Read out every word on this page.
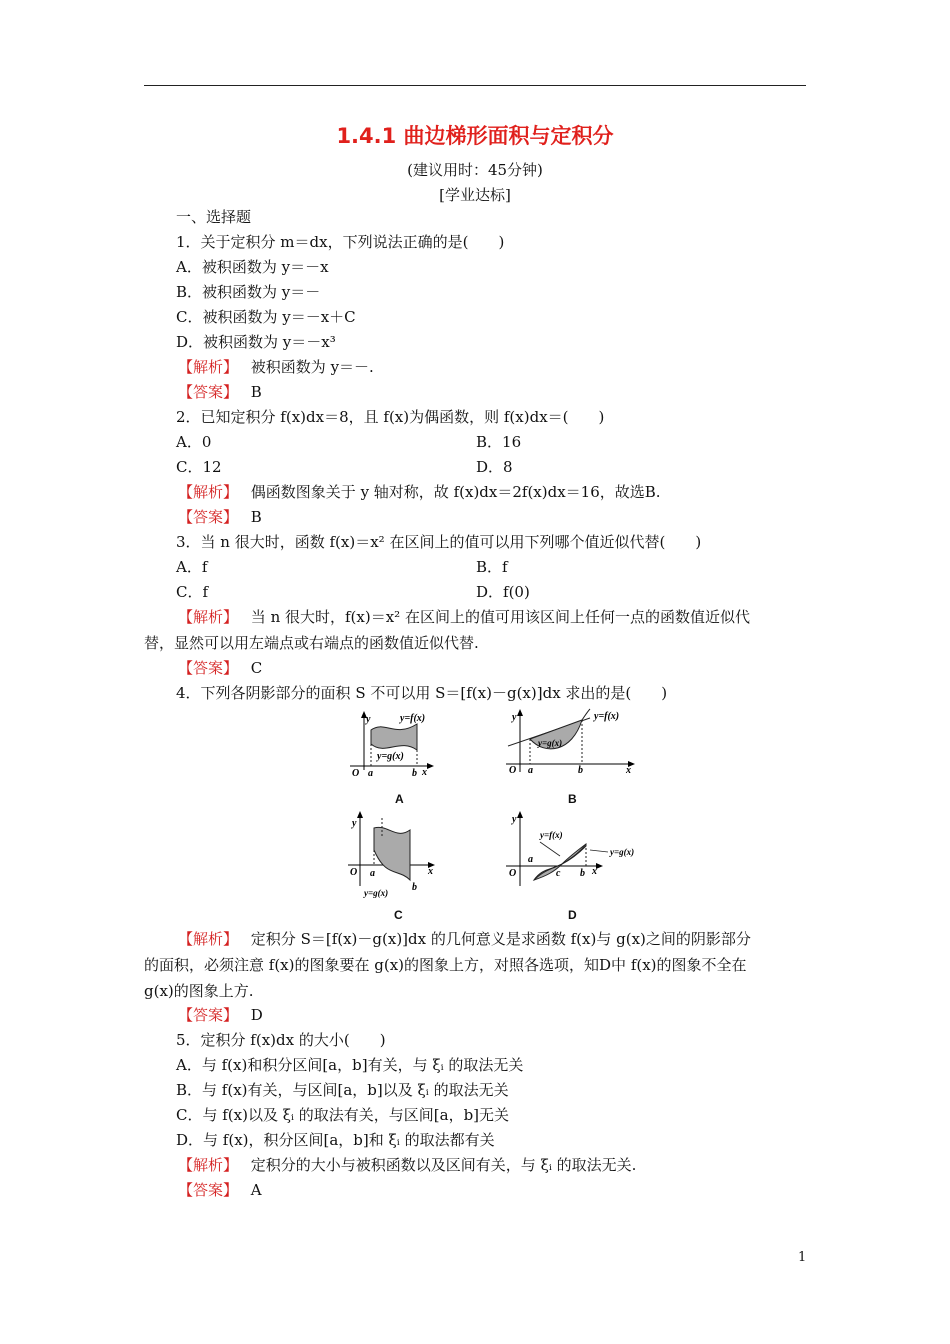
1.4.1 曲边梯形面积与定积分
(建议用时：45分钟)
[学业达标]
一、选择题
1．关于定积分 m＝dx，下列说法正确的是(　　)
A．被积函数为 y＝－x
B．被积函数为 y＝－
C．被积函数为 y＝－x＋C
D．被积函数为 y＝－x³
【解析】 被积函数为 y＝－.
【答案】 B
2．已知定积分 f(x)dx＝8，且 f(x)为偶函数，则 f(x)dx＝(　　)
A．0	B．16
C．12	D．8
【解析】 偶函数图象关于 y 轴对称，故 f(x)dx＝2f(x)dx＝16，故选B.
【答案】 B
3．当 n 很大时，函数 f(x)＝x² 在区间上的值可以用下列哪个值近似代替(　　)
A．f	B．f
C．f	D．f(0)
【解析】 当 n 很大时，f(x)＝x² 在区间上的值可用该区间上任何一点的函数值近似代
替，显然可以用左端点或右端点的函数值近似代替.
【答案】 C
4．下列各阴影部分的面积 S 不可以用 S＝[f(x)－g(x)]dx 求出的是(　　)
y	y=f(x)
y=g(x)
O a	b x
A
y	y=f(x)
y=g(x)
O a	b	x
B
y
O a
b
x
y=g(x)
C
y
y=f(x)
y=g(x)
a
O	c b x
D
【解析】 定积分 S＝[f(x)－g(x)]dx 的几何意义是求函数 f(x)与 g(x)之间的阴影部分
的面积，必须注意 f(x)的图象要在 g(x)的图象上方，对照各选项，知D中 f(x)的图象不全在
g(x)的图象上方.
【答案】 D
5．定积分 f(x)dx 的大小(　　)
A．与 f(x)和积分区间[a，b]有关，与 ξᵢ 的取法无关
B．与 f(x)有关，与区间[a，b]以及 ξᵢ 的取法无关
C．与 f(x)以及 ξᵢ 的取法有关，与区间[a，b]无关
D．与 f(x)，积分区间[a，b]和 ξᵢ 的取法都有关
【解析】 定积分的大小与被积函数以及区间有关，与 ξᵢ 的取法无关.
【答案】 A
1
